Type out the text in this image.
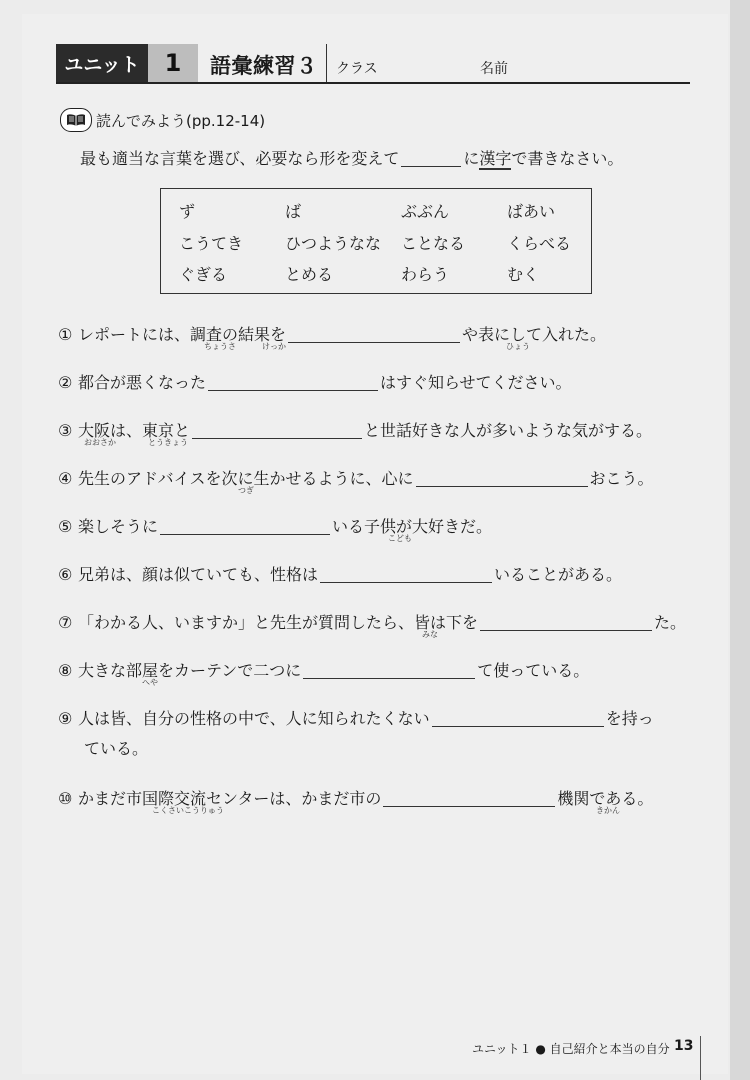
ユニット	1	語彙練習３ クラス	名前
読んでみよう(pp.12-14)
最も適当な言葉を選び、必要なら形を変えて	に漢字で書きなさい。
ず	ば	ぶぶん	ばあい
こうてき	ひつようなな ことなる	くらべる
ぐぎる	とめる	わらう	むく
① レポートには、調査の結果を	や表にして入れた。
ちょうさ	けっか	ひょう
② 都合が悪くなった	はすぐ知らせてください。
③ 大阪は、東京と	と世話好きな人が多いような気がする。
おおさか	とうきょう
④ 先生のアドバイスを次に生かせるように、心に	おこう。
つぎ
⑤ 楽しそうに	いる子供が大好きだ。
こども
⑥ 兄弟は、顔は似ていても、性格は	いることがある。
⑦ 「わかる人、いますか」と先生が質問したら、皆は下を	た。
みな
⑧ 大きな部屋をカーテンで二つに	て使っている。
へや
⑨ 人は皆、自分の性格の中で、人に知られたくない	を持っ
ている。
⑩ かまだ市国際交流センターは、かまだ市の	機関である。
こくさいこうりゅう	きかん
ユニット１ ● 自己紹介と本当の自分 13
